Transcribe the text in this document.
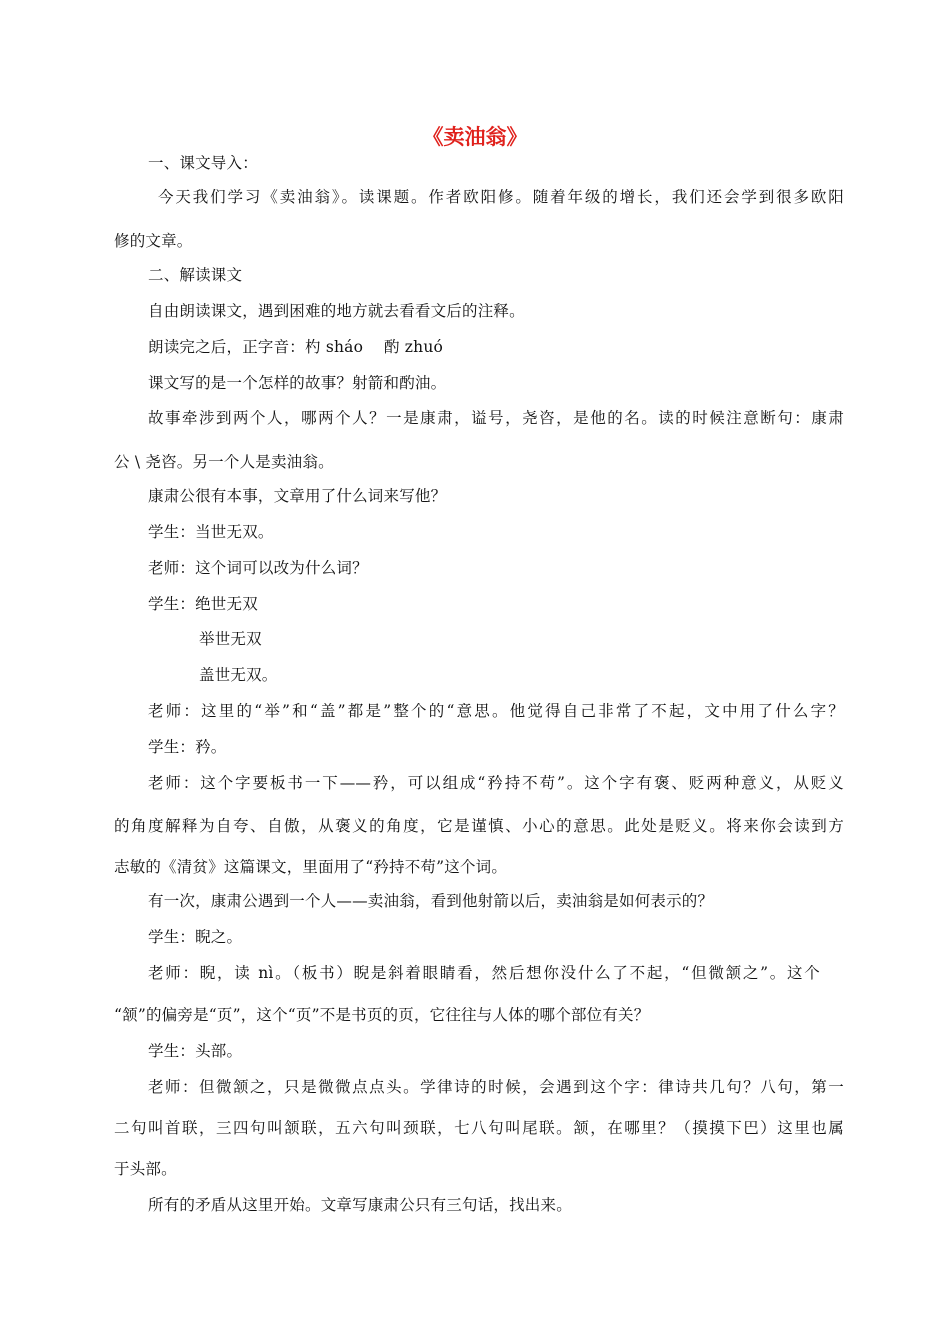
《卖油翁》
一、课文导入：
今天我们学习《卖油翁》。读课题。作者欧阳修。随着年级的增长，我们还会学到很多欧阳
修的文章。
二、解读课文
自由朗读课文，遇到困难的地方就去看看文后的注释。
朗读完之后，正字音：杓 sháo　 酌 zhuó
课文写的是一个怎样的故事？射箭和酌油。
故事牵涉到两个人，哪两个人？一是康肃，谥号，尧咨，是他的名。读的时候注意断句：康肃
公 \ 尧咨。另一个人是卖油翁。
康肃公很有本事，文章用了什么词来写他？
学生：当世无双。
老师：这个词可以改为什么词？
学生：绝世无双
举世无双
盖世无双。
老师：这里的“举”和“盖”都是”整个的“意思。他觉得自己非常了不起，文中用了什么字？
学生：矜。
老师：这个字要板书一下——矜，可以组成“矜持不苟”。这个字有褒、贬两种意义，从贬义
的角度解释为自夸、自傲，从褒义的角度，它是谨慎、小心的意思。此处是贬义。将来你会读到方
志敏的《清贫》这篇课文，里面用了“矜持不苟”这个词。
有一次，康肃公遇到一个人——卖油翁，看到他射箭以后，卖油翁是如何表示的？
学生：睨之。
老师：睨，读 nì。（板书）睨是斜着眼睛看，然后想你没什么了不起，“但微颔之”。这个
“颔”的偏旁是“页”，这个“页”不是书页的页，它往往与人体的哪个部位有关？
学生：头部。
老师：但微颔之，只是微微点点头。学律诗的时候，会遇到这个字：律诗共几句？八句，第一
二句叫首联，三四句叫颔联，五六句叫颈联，七八句叫尾联。颔，在哪里？（摸摸下巴）这里也属
于头部。
所有的矛盾从这里开始。文章写康肃公只有三句话，找出来。
